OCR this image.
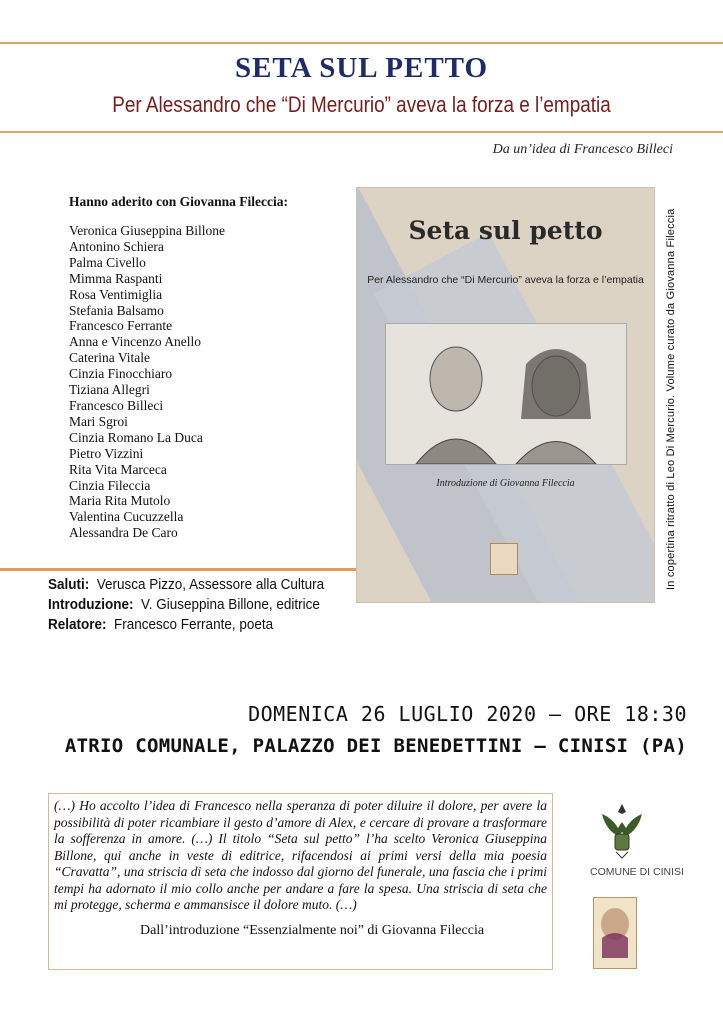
SETA SUL PETTO
Per Alessandro che “Di Mercurio” aveva la forza e l’empatia
Da un’idea di Francesco Billeci
Hanno aderito con Giovanna Fileccia:
Veronica Giuseppina Billone
Antonino Schiera
Palma Civello
Mimma Raspanti
Rosa Ventimiglia
Stefania Balsamo
Francesco Ferrante
Anna e Vincenzo Anello
Caterina Vitale
Cinzia Finocchiaro
Tiziana Allegri
Francesco Billeci
Mari Sgroi
Cinzia Romano La Duca
Pietro Vizzini
Rita Vita Marceca
Cinzia Fileccia
Maria Rita Mutolo
Valentina Cucuzzella
Alessandra De Caro
Seta sul petto
Per Alessandro che “Di Mercurio” aveva la forza e l’empatia
Introduzione di Giovanna Fileccia	In copertina ritratto di Leo Di Mercurio. Volume curato da Giovanna Fileccia
Saluti: Verusca Pizzo, Assessore alla Cultura
Introduzione: V. Giuseppina Billone, editrice
Relatore: Francesco Ferrante, poeta
DOMENICA 26 LUGLIO 2020 – ORE 18:30
ATRIO COMUNALE, PALAZZO DEI BENEDETTINI – CINISI (PA)
(…) Ho accolto l’idea di Francesco nella speranza di poter diluire il dolore, per avere la possibilità di poter ricambiare il gesto d’amore di Alex, e cercare di provare a trasformare la sofferenza in amore. (…) Il titolo “Seta sul petto” l’ha scelto Veronica Giuseppina Billone, qui anche in veste di editrice, rifacendosi ai primi versi della mia poesia “Cravatta”, una striscia di seta che indosso dal giorno del funerale, una fascia che i primi tempi ha adornato il mio collo anche per andare a fare la spesa. Una striscia di seta che mi protegge, scherma e ammansisce il dolore muto. (…)
Dall’introduzione “Essenzialmente noi” di Giovanna Fileccia
COMUNE DI CINISI
